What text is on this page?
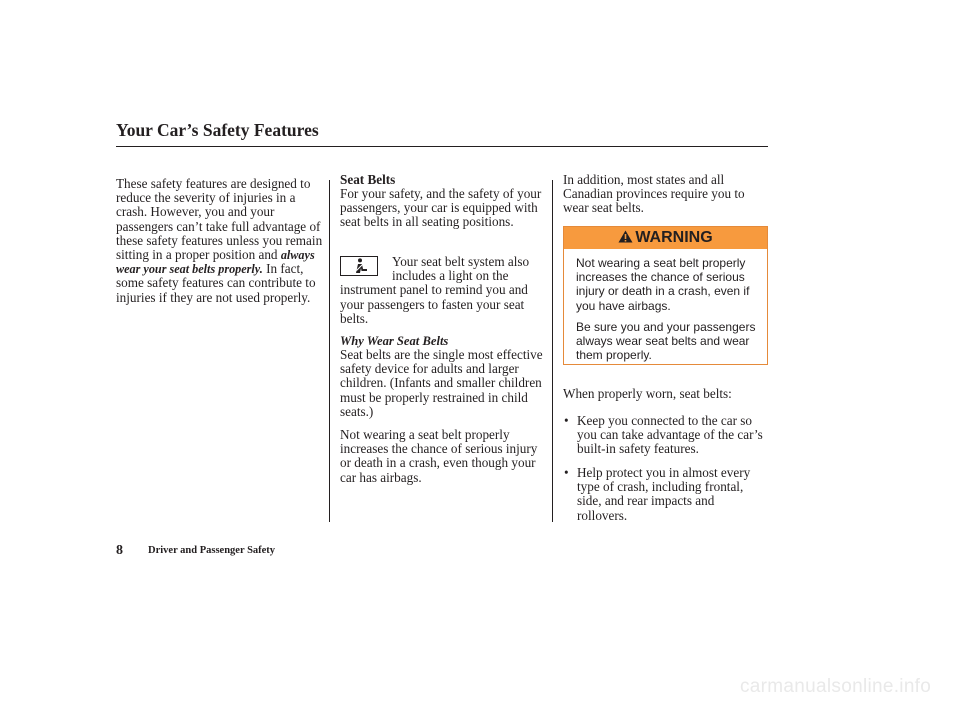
Your Car’s Safety Features

These safety features are designed to reduce the severity of injuries in a crash. However, you and your passengers can’t take full advantage of these safety features unless you remain sitting in a proper position and always wear your seat belts properly. In fact, some safety features can contribute to injuries if they are not used properly.

Seat Belts

For your safety, and the safety of your passengers, your car is equipped with seat belts in all seating positions.

Your seat belt system also includes a light on the instrument panel to remind you and your passengers to fasten your seat belts.
Why Wear Seat Belts

Seat belts are the single most effective safety device for adults and larger children. (Infants and smaller children must be properly restrained in child seats.)

Not wearing a seat belt properly increases the chance of serious injury or death in a crash, even though your car has airbags.

In addition, most states and all Canadian provinces require you to wear seat belts.

WARNING

Not wearing a seat belt properly increases the chance of serious injury or death in a crash, even if you have airbags.

Be sure you and your passengers always wear seat belts and wear them properly.

When properly worn, seat belts:

• Keep you connected to the car so you can take advantage of the car’s built-in safety features.
• Help protect you in almost every type of crash, including frontal, side, and rear impacts and rollovers.
8 Driver and Passenger Safety
carmanualsonline.info
